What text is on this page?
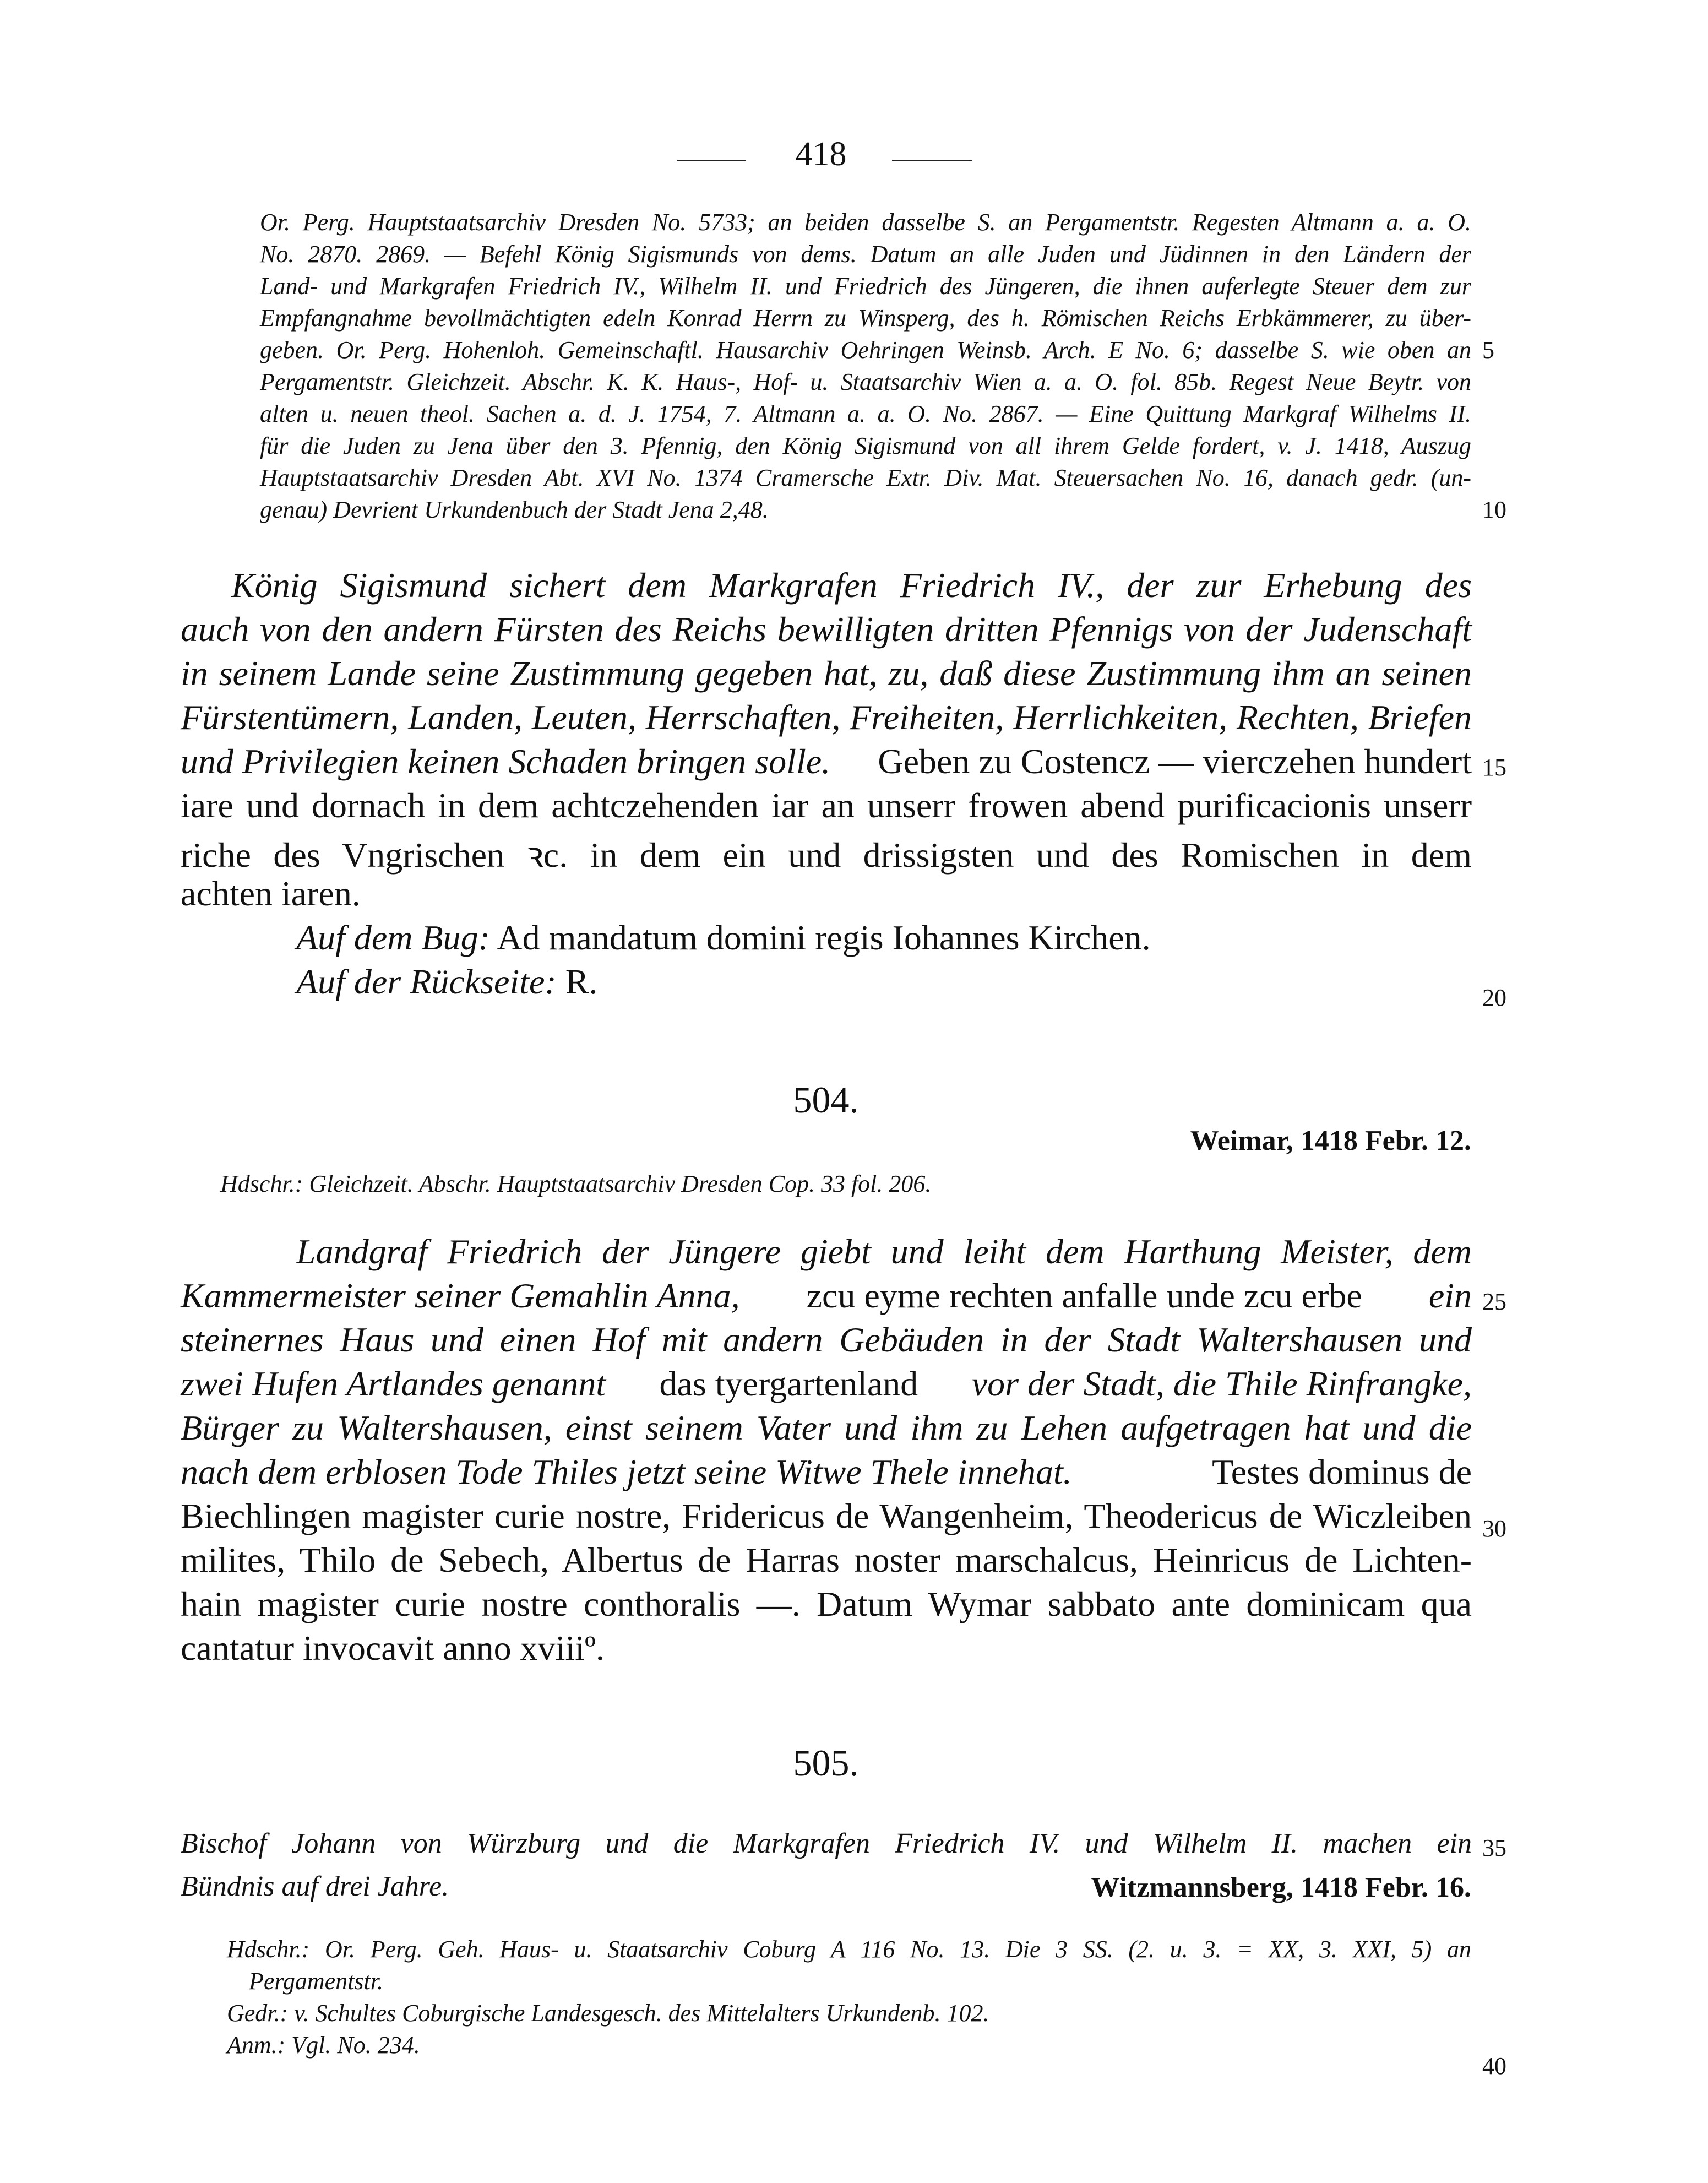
418
Or. Perg. Hauptstaatsarchiv Dresden No. 5733; an beiden dasselbe S. an Pergamentstr. Regesten Altmann a. a. O.
No. 2870. 2869. — Befehl König Sigismunds von dems. Datum an alle Juden und Jüdinnen in den Ländern der
Land- und Markgrafen Friedrich IV., Wilhelm II. und Friedrich des Jüngeren, die ihnen auferlegte Steuer dem zur
Empfangnahme bevollmächtigten edeln Konrad Herrn zu Winsperg, des h. Römischen Reichs Erbkämmerer, zu über-
geben. Or. Perg. Hohenloh. Gemeinschaftl. Hausarchiv Oehringen Weinsb. Arch. E No. 6; dasselbe S. wie oben an
Pergamentstr. Gleichzeit. Abschr. K. K. Haus-, Hof- u. Staatsarchiv Wien a. a. O. fol. 85b. Regest Neue Beytr. von
alten u. neuen theol. Sachen a. d. J. 1754, 7. Altmann a. a. O. No. 2867. — Eine Quittung Markgraf Wilhelms II.
für die Juden zu Jena über den 3. Pfennig, den König Sigismund von all ihrem Gelde fordert, v. J. 1418, Auszug
Hauptstaatsarchiv Dresden Abt. XVI No. 1374 Cramersche Extr. Div. Mat. Steuersachen No. 16, danach gedr. (un-
genau) Devrient Urkundenbuch der Stadt Jena 2,48.
König Sigismund sichert dem Markgrafen Friedrich IV., der zur Erhebung des
auch von den andern Fürsten des Reichs bewilligten dritten Pfennigs von der Judenschaft
in seinem Lande seine Zustimmung gegeben hat, zu, daß diese Zustimmung ihm an seinen
Fürstentümern, Landen, Leuten, Herrschaften, Freiheiten, Herrlichkeiten, Rechten, Briefen
und Privilegien keinen Schaden bringen solle. Geben zu Costencz — vierczehen hundert
iare und dornach in dem achtczehenden iar an unserr frowen abend purificacionis unserr
riche des Vngrischen ꝛc. in dem ein und drissigsten und des Romischen in dem
achten iaren.
Auf dem Bug: Ad mandatum domini regis Iohannes Kirchen.
Auf der Rückseite: R.
504.
Weimar, 1418 Febr. 12.
Hdschr.: Gleichzeit. Abschr. Hauptstaatsarchiv Dresden Cop. 33 fol. 206.
Landgraf Friedrich der Jüngere giebt und leiht dem Harthung Meister, dem
Kammermeister seiner Gemahlin Anna, zcu eyme rechten anfalle unde zcu erbe ein
steinernes Haus und einen Hof mit andern Gebäuden in der Stadt Waltershausen und
zwei Hufen Artlandes genannt das tyergartenland vor der Stadt, die Thile Rinfrangke,
Bürger zu Waltershausen, einst seinem Vater und ihm zu Lehen aufgetragen hat und die
nach dem erblosen Tode Thiles jetzt seine Witwe Thele innehat.	Testes dominus de
Biechlingen magister curie nostre, Fridericus de Wangenheim, Theodericus de Wiczleiben
milites, Thilo de Sebech, Albertus de Harras noster marschalcus, Heinricus de Lichten-
hain magister curie nostre conthoralis —. Datum Wymar sabbato ante dominicam qua
cantatur invocavit anno xviiiº.
505.
Bischof Johann von Würzburg und die Markgrafen Friedrich IV. und Wilhelm II. machen ein
Bündnis auf drei Jahre.	Witzmannsberg, 1418 Febr. 16.
Hdschr.: Or. Perg. Geh. Haus- u. Staatsarchiv Coburg A 116 No. 13. Die 3 SS. (2. u. 3. = XX, 3. XXI, 5) an
Pergamentstr.
Gedr.: v. Schultes Coburgische Landesgesch. des Mittelalters Urkundenb. 102.
Anm.: Vgl. No. 234.
5
10
15
20
25
30
35
40
